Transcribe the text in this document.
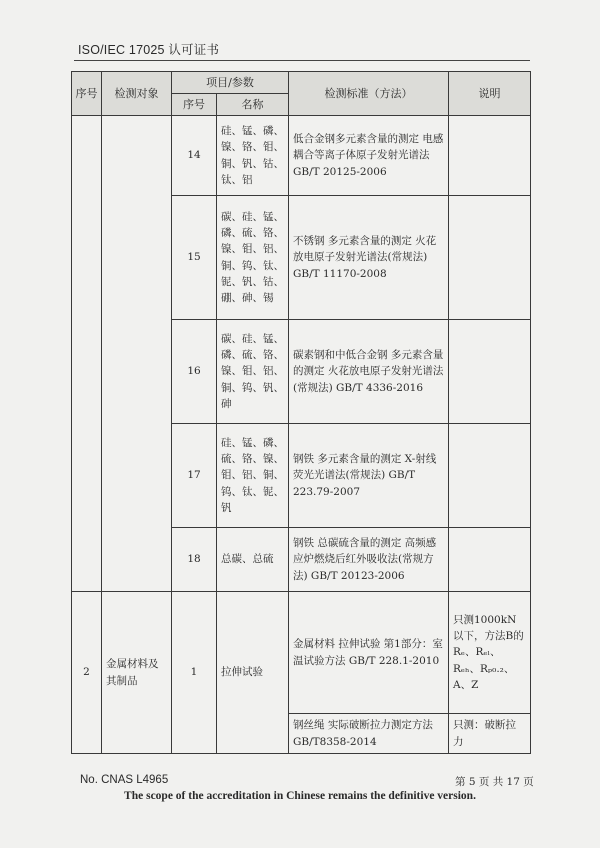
ISO/IEC 17025 认可证书
序号	检测对象	项目/参数		检测标准（方法）	说明
		序号	名称		
		14	硅、锰、磷、镍、铬、钼、铜、钒、钴、钛、铝	低合金钢多元素含量的测定 电感耦合等离子体原子发射光谱法 GB/T 20125-2006	
		15	碳、硅、锰、磷、硫、铬、镍、钼、铝、铜、钨、钛、铌、钒、钴、硼、砷、锡	不锈钢 多元素含量的测定 火花放电原子发射光谱法(常规法) GB/T 11170-2008	
		16	碳、硅、锰、磷、硫、铬、镍、钼、铝、铜、钨、钒、砷	碳素钢和中低合金钢 多元素含量的测定 火花放电原子发射光谱法(常规法) GB/T 4336-2016	
		17	硅、锰、磷、硫、铬、镍、钼、铝、铜、钨、钛、铌、钒	钢铁 多元素含量的测定 X-射线荧光光谱法(常规法) GB/T 223.79-2007	
		18	总碳、总硫	钢铁 总碳硫含量的测定 高频感应炉燃烧后红外吸收法(常规方法) GB/T 20123-2006	
2	金属材料及其制品	1	拉伸试验	金属材料 拉伸试验 第1部分：室温试验方法 GB/T 228.1-2010	只测1000kN以下，方法B的Rₑ、Rₑₗ、Rₑₕ、Rₚ₀.₂、A、Z
				钢丝绳 实际破断拉力测定方法 GB/T8358-2014	只测：破断拉力
No. CNAS L4965	第 5 页 共 17 页
The scope of the accreditation in Chinese remains the definitive version.
